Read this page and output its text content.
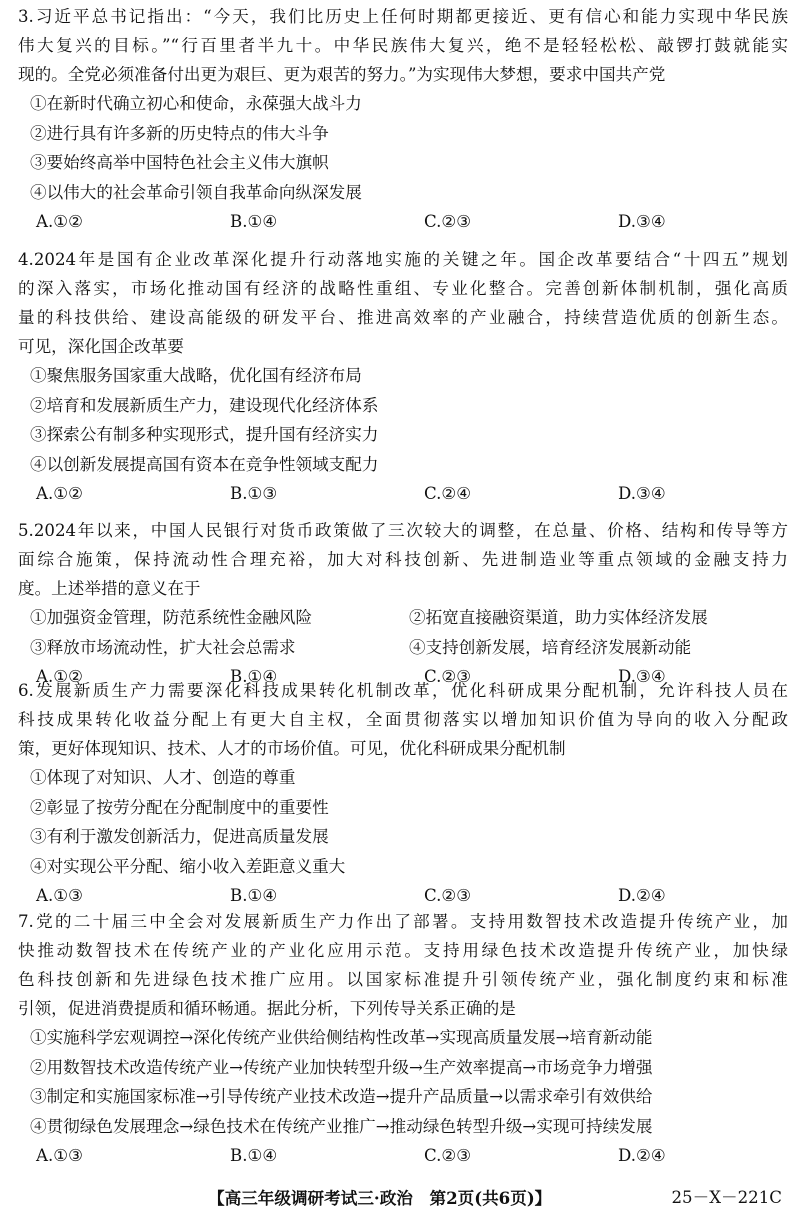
3.习近平总书记指出：“今天，我们比历史上任何时期都更接近、更有信心和能力实现中华民族
伟大复兴的目标。”“行百里者半九十。中华民族伟大复兴，绝不是轻轻松松、敲锣打鼓就能实
现的。全党必须准备付出更为艰巨、更为艰苦的努力。”为实现伟大梦想，要求中国共产党
①在新时代确立初心和使命，永葆强大战斗力
②进行具有许多新的历史特点的伟大斗争
③要始终高举中国特色社会主义伟大旗帜
④以伟大的社会革命引领自我革命向纵深发展
A.①②	B.①④	C.②③	D.③④
4.2024年是国有企业改革深化提升行动落地实施的关键之年。国企改革要结合“十四五”规划
的深入落实，市场化推动国有经济的战略性重组、专业化整合。完善创新体制机制，强化高质
量的科技供给、建设高能级的研发平台、推进高效率的产业融合，持续营造优质的创新生态。
可见，深化国企改革要
①聚焦服务国家重大战略，优化国有经济布局
②培育和发展新质生产力，建设现代化经济体系
③探索公有制多种实现形式，提升国有经济实力
④以创新发展提高国有资本在竞争性领域支配力
A.①②	B.①③	C.②④	D.③④
5.2024年以来，中国人民银行对货币政策做了三次较大的调整，在总量、价格、结构和传导等方
面综合施策，保持流动性合理充裕，加大对科技创新、先进制造业等重点领域的金融支持力
度。上述举措的意义在于
①加强资金管理，防范系统性金融风险	②拓宽直接融资渠道，助力实体经济发展
③释放市场流动性，扩大社会总需求	④支持创新发展，培育经济发展新动能
A.①②	B.①④	C.②③	D.③④
6.发展新质生产力需要深化科技成果转化机制改革，优化科研成果分配机制，允许科技人员在
科技成果转化收益分配上有更大自主权，全面贯彻落实以增加知识价值为导向的收入分配政
策，更好体现知识、技术、人才的市场价值。可见，优化科研成果分配机制
①体现了对知识、人才、创造的尊重
②彰显了按劳分配在分配制度中的重要性
③有利于激发创新活力，促进高质量发展
④对实现公平分配、缩小收入差距意义重大
A.①③	B.①④	C.②③	D.②④
7.党的二十届三中全会对发展新质生产力作出了部署。支持用数智技术改造提升传统产业，加
快推动数智技术在传统产业的产业化应用示范。支持用绿色技术改造提升传统产业，加快绿
色科技创新和先进绿色技术推广应用。以国家标准提升引领传统产业，强化制度约束和标准
引领，促进消费提质和循环畅通。据此分析，下列传导关系正确的是
①实施科学宏观调控→深化传统产业供给侧结构性改革→实现高质量发展→培育新动能
②用数智技术改造传统产业→传统产业加快转型升级→生产效率提高→市场竞争力增强
③制定和实施国家标准→引导传统产业技术改造→提升产品质量→以需求牵引有效供给
④贯彻绿色发展理念→绿色技术在传统产业推广→推动绿色转型升级→实现可持续发展
A.①③	B.①④	C.②③	D.②④
【高三年级调研考试三·政治　第2页(共6页)】	25－X－221C
